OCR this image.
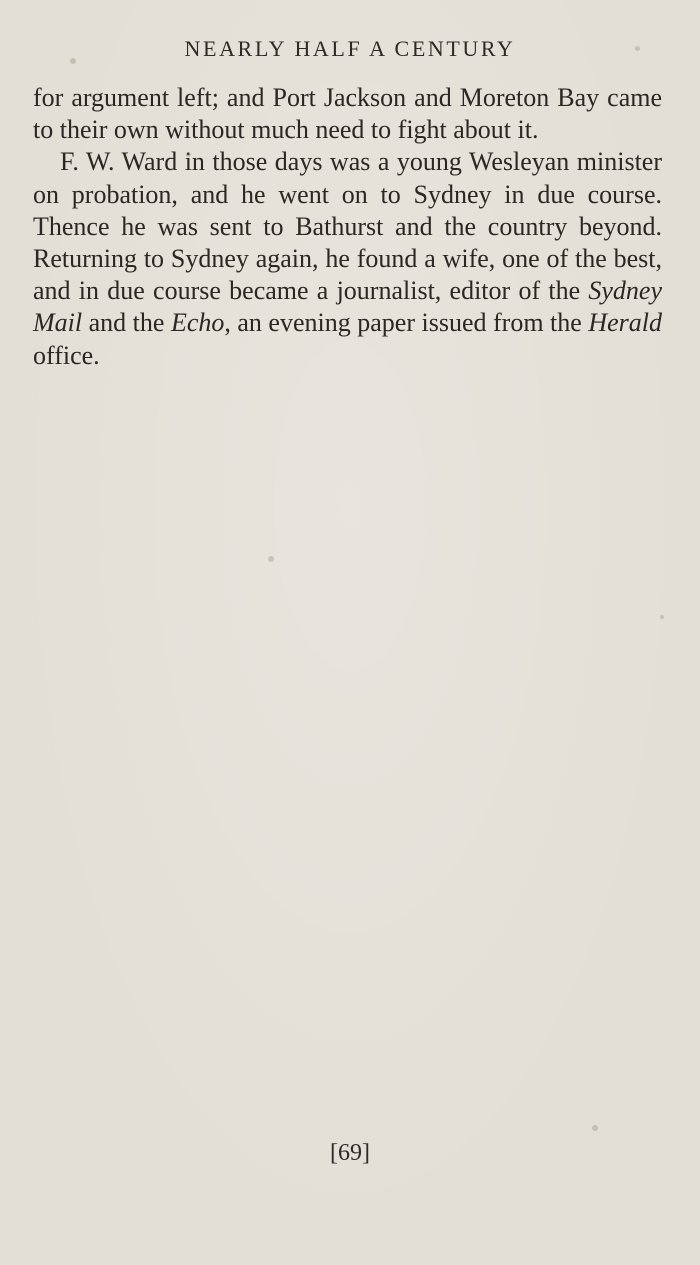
NEARLY HALF A CENTURY

for argument left; and Port Jackson and Moreton Bay came to their own without much need to fight about it.

F. W. Ward in those days was a young Wesleyan minister on probation, and he went on to Sydney in due course. Thence he was sent to Bathurst and the country beyond. Returning to Sydney again, he found a wife, one of the best, and in due course became a journalist, editor of the Sydney Mail and the Echo, an evening paper issued from the Herald office.

[69]
